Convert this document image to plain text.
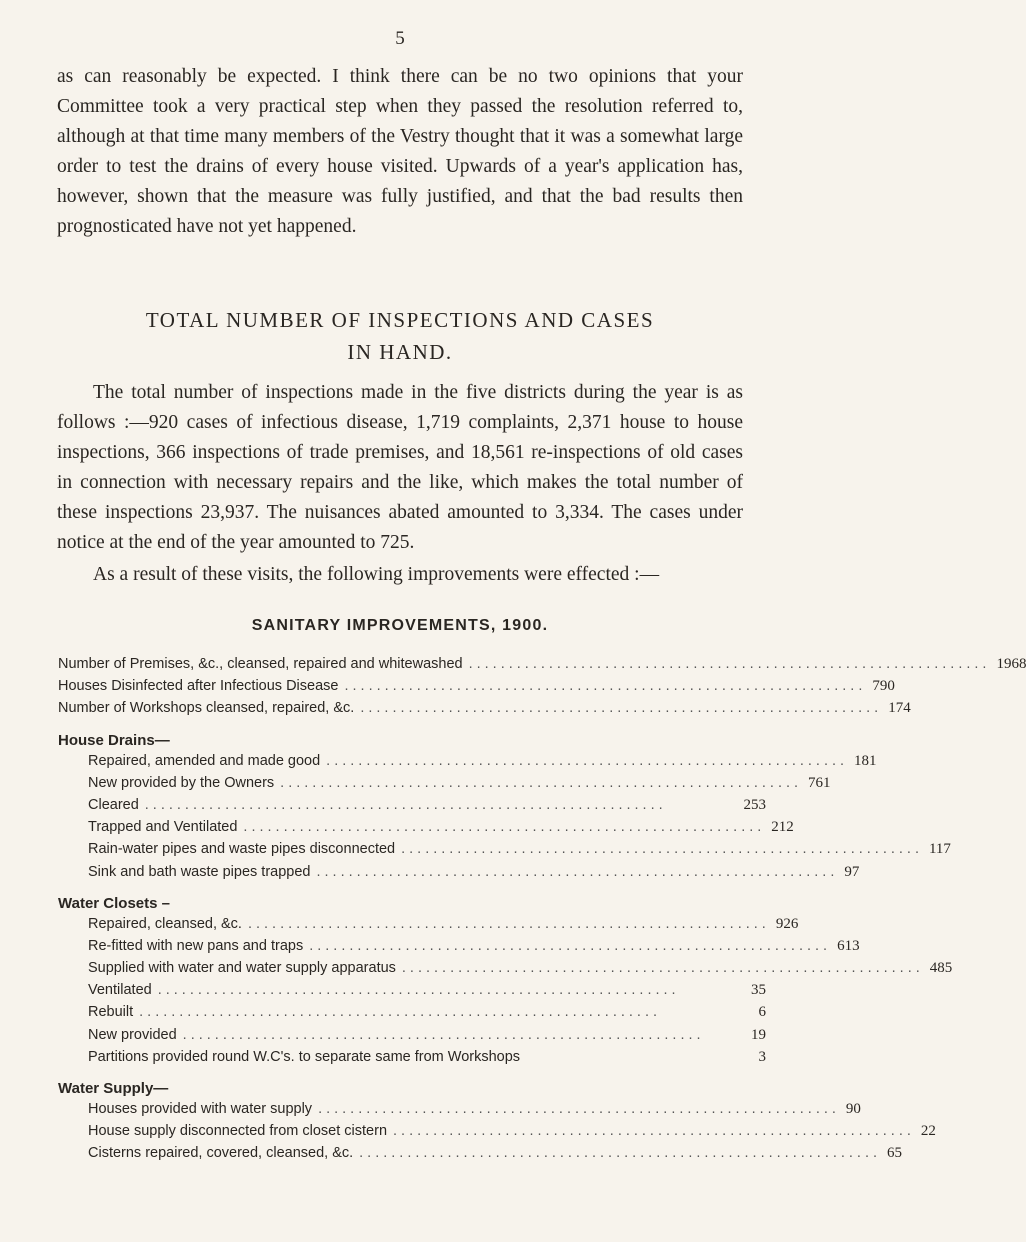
5

as can reasonably be expected. I think there can be no two opinions that your Committee took a very practical step when they passed the resolution referred to, although at that time many members of the Vestry thought that it was a somewhat large order to test the drains of every house visited. Upwards of a year's application has, however, shown that the measure was fully justified, and that the bad results then prognosticated have not yet happened.

TOTAL NUMBER OF INSPECTIONS AND CASES

IN HAND.

The total number of inspections made in the five districts during the year is as follows :—920 cases of infectious disease, 1,719 complaints, 2,371 house to house inspections, 366 inspections of trade premises, and 18,561 re-inspections of old cases in connection with necessary repairs and the like, which makes the total number of these inspections 23,937. The nuisances abated amounted to 3,334. The cases under notice at the end of the year amounted to 725.

As a result of these visits, the following improvements were effected :—

SANITARY IMPROVEMENTS, 1900.
Number of Premises, &c., cleansed, repaired and whitewashed ................................................................. 1968
Houses Disinfected after Infectious Disease ................................................................. 790
Number of Workshops cleansed, repaired, &c. ................................................................. 174
House Drains—
Repaired, amended and made good ................................................................. 181
New provided by the Owners ................................................................. 761
Cleared .................................................................	253
Trapped and Ventilated ................................................................. 212
Rain-water pipes and waste pipes disconnected ................................................................. 117
Sink and bath waste pipes trapped ................................................................. 97
Water Closets –
Repaired, cleansed, &c. ................................................................. 926
Re-fitted with new pans and traps ................................................................. 613
Supplied with water and water supply apparatus ................................................................. 485
Ventilated .................................................................	35
Rebuilt .................................................................	6
New provided .................................................................	19
Partitions provided round W.C's. to separate same from Workshops	3
Water Supply—
Houses provided with water supply ................................................................. 90
House supply disconnected from closet cistern ................................................................. 22
Cisterns repaired, covered, cleansed, &c. ................................................................. 65
